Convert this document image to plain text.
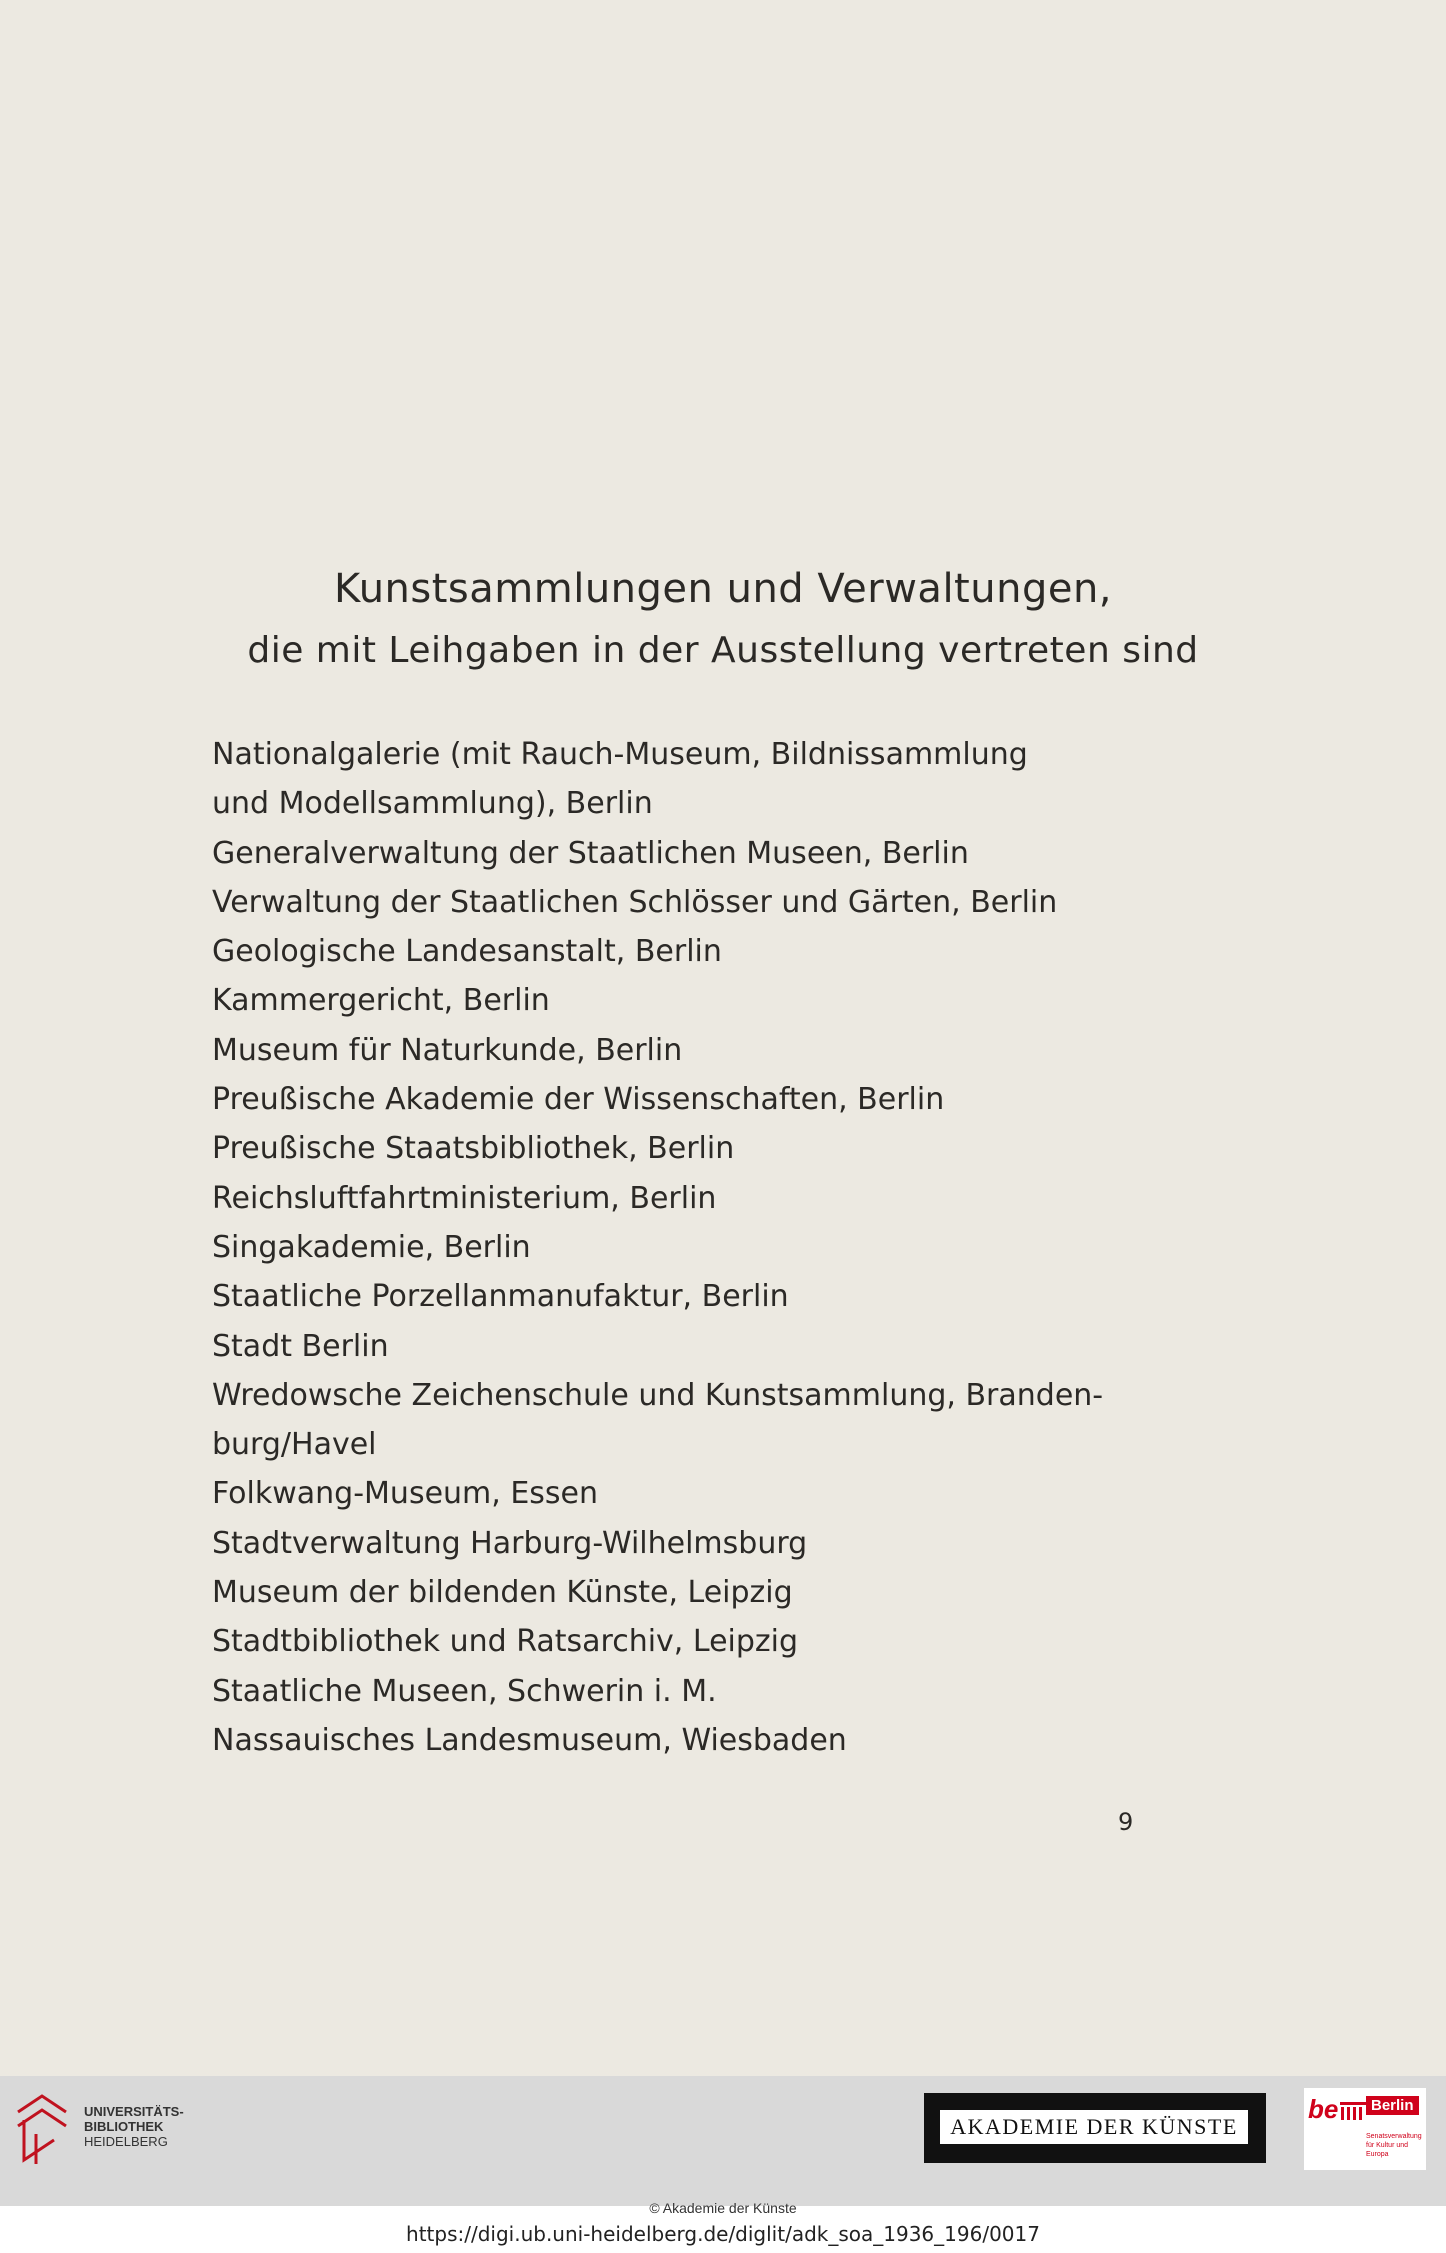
Kunstsammlungen und Verwaltungen,
die mit Leihgaben in der Ausstellung vertreten sind
Nationalgalerie (mit Rauch-Museum, Bildnissammlung
und Modellsammlung), Berlin
Generalverwaltung der Staatlichen Museen, Berlin
Verwaltung der Staatlichen Schlösser und Gärten, Berlin
Geologische Landesanstalt, Berlin
Kammergericht, Berlin
Museum für Naturkunde, Berlin
Preußische Akademie der Wissenschaften, Berlin
Preußische Staatsbibliothek, Berlin
Reichsluftfahrtministerium, Berlin
Singakademie, Berlin
Staatliche Porzellanmanufaktur, Berlin
Stadt Berlin
Wredowsche Zeichenschule und Kunstsammlung, Branden-
burg/Havel
Folkwang-Museum, Essen
Stadtverwaltung Harburg-Wilhelmsburg
Museum der bildenden Künste, Leipzig
Stadtbibliothek und Ratsarchiv, Leipzig
Staatliche Museen, Schwerin i. M.
Nassauisches Landesmuseum, Wiesbaden
9
UNIVERSITÄTS-
BIBLIOTHEK
HEIDELBERG
AKADEMIE DER KÜNSTE
be	Berlin
Senatsverwaltung für Kultur und Europa
© Akademie der Künste
https://digi.ub.uni-heidelberg.de/diglit/adk_soa_1936_196/0017
